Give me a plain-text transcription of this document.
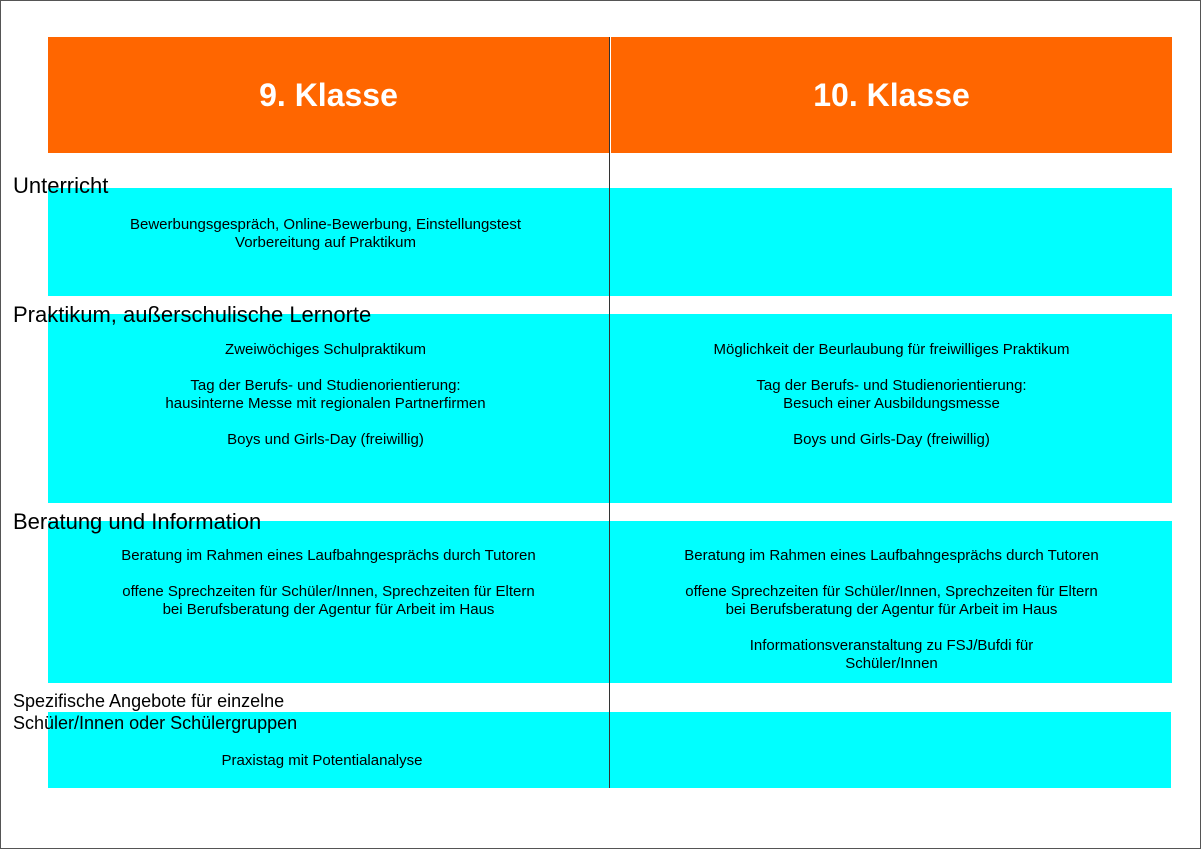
9. Klasse	10. Klasse
Unterricht
Bewerbungsgespräch, Online-Bewerbung, Einstellungstest
Vorbereitung auf Praktikum
Praktikum, außerschulische Lernorte

Zweiwöchiges Schulpraktikum

Tag der Berufs- und Studienorientierung:
hausinterne Messe mit regionalen Partnerfirmen

Boys und Girls-Day (freiwillig)

Möglichkeit der Beurlaubung für freiwilliges Praktikum

Tag der Berufs- und Studienorientierung:
Besuch einer Ausbildungsmesse

Boys und Girls-Day (freiwillig)

Beratung und Information

Beratung im Rahmen eines Laufbahngesprächs durch Tutoren

offene Sprechzeiten für Schüler/Innen, Sprechzeiten für Eltern
bei Berufsberatung der Agentur für Arbeit im Haus

Beratung im Rahmen eines Laufbahngesprächs durch Tutoren

offene Sprechzeiten für Schüler/Innen, Sprechzeiten für Eltern
bei Berufsberatung der Agentur für Arbeit im Haus

Informationsveranstaltung zu FSJ/Bufdi für
Schüler/Innen

Spezifische Angebote für einzelne
Schüler/Innen oder Schülergruppen
Praxistag mit Potentialanalyse
